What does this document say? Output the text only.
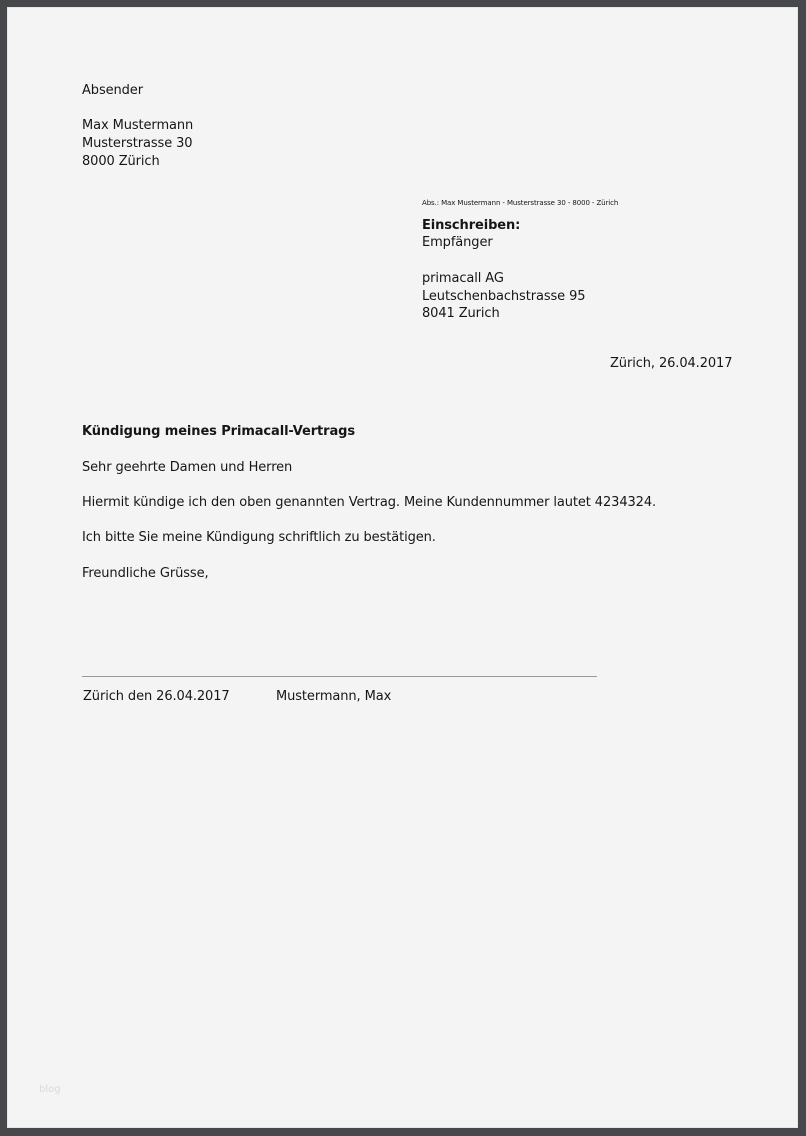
Absender
Max Mustermann
Musterstrasse 30
8000 Zürich
Abs.: Max Mustermann - Musterstrasse 30 - 8000 - Zürich
Einschreiben:
Empfänger
primacall AG
Leutschenbachstrasse 95
8041 Zurich
Zürich, 26.04.2017
Kündigung meines Primacall-Vertrags
Sehr geehrte Damen und Herren
Hiermit kündige ich den oben genannten Vertrag. Meine Kundennummer lautet 4234324.
Ich bitte Sie meine Kündigung schriftlich zu bestätigen.
Freundliche Grüsse,
Zürich den 26.04.2017	Mustermann, Max
blog
